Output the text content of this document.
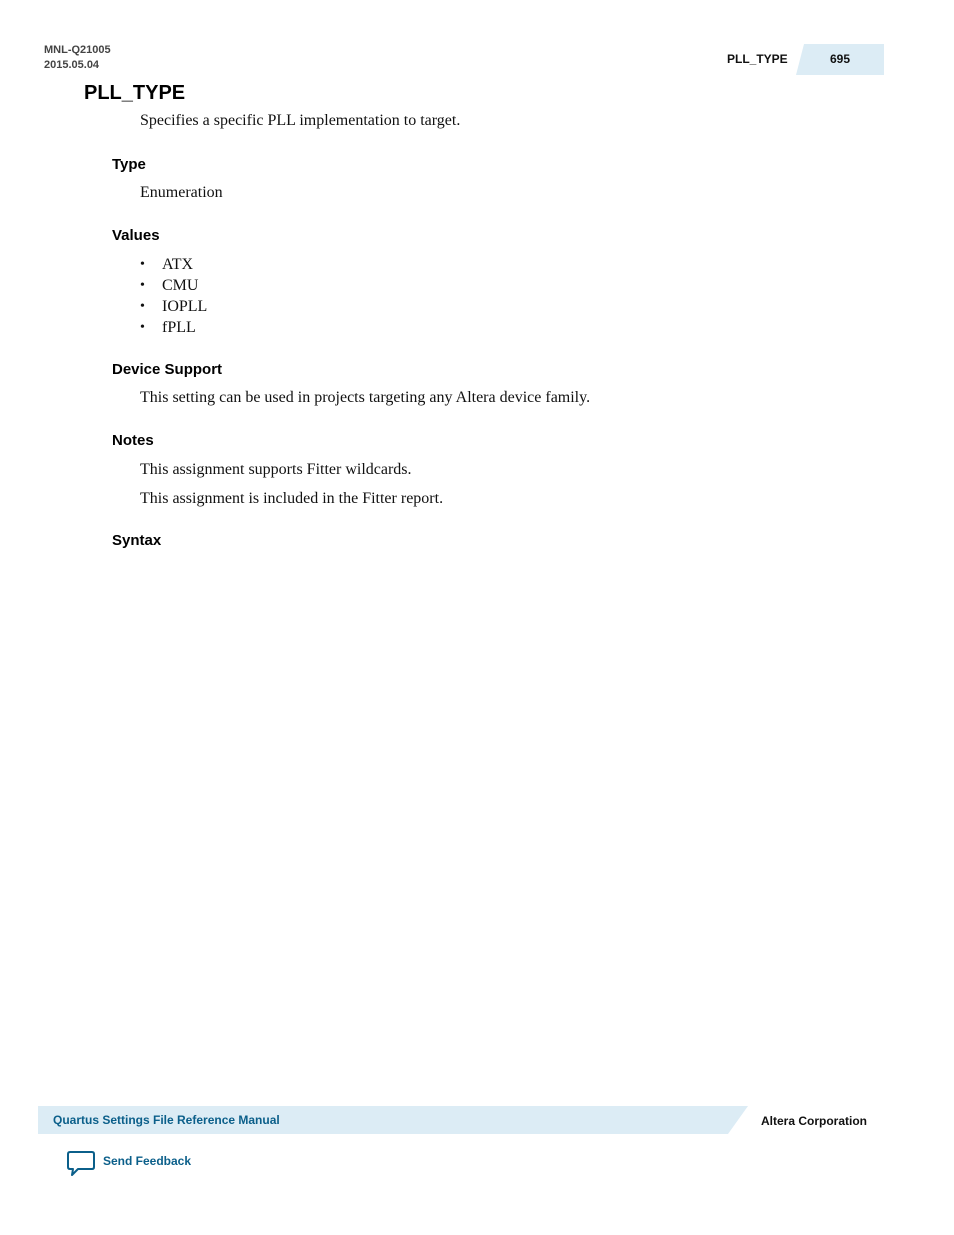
MNL-Q21005
2015.05.04	PLL_TYPE	695
PLL_TYPE

Specifies a specific PLL implementation to target.

Type

Enumeration

Values
• ATX
• CMU
• IOPLL
• fPLL
Device Support

This setting can be used in projects targeting any Altera device family.

Notes

This assignment supports Fitter wildcards.

This assignment is included in the Fitter report.

Syntax
Quartus Settings File Reference Manual	Altera Corporation
Send Feedback
